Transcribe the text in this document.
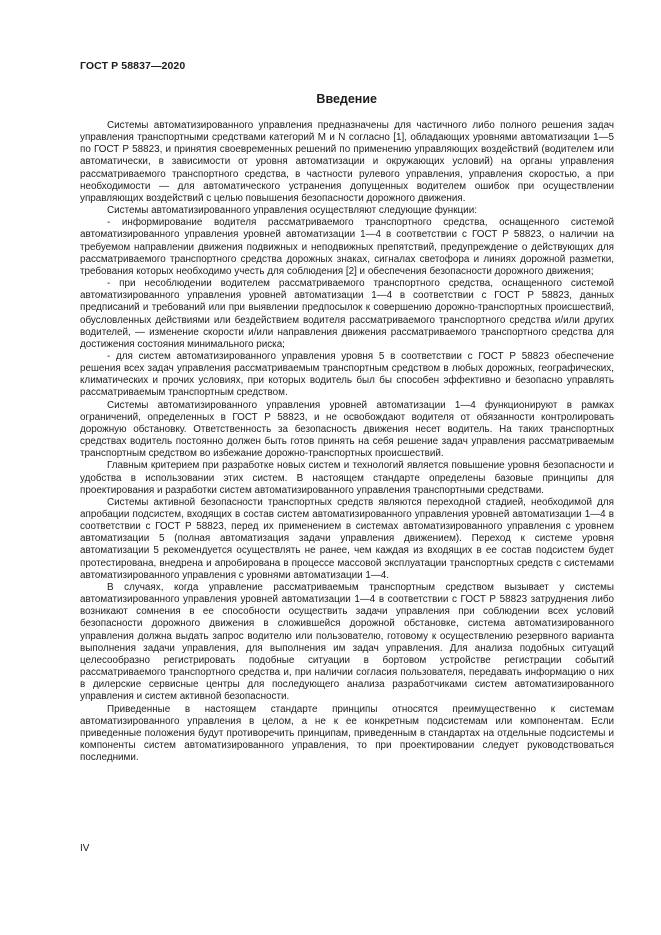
ГОСТ Р 58837—2020
Введение

Системы автоматизированного управления предназначены для частичного либо полного решения задач управления транспортными средствами категорий М и N согласно [1], обладающих уровнями автоматизации 1—5 по ГОСТ Р 58823, и принятия своевременных решений по применению управляющих воздействий (водителем или автоматически, в зависимости от уровня автоматизации и окружающих условий) на органы управления рассматриваемого транспортного средства, в частности рулевого управления, управления скоростью, а при необходимости — для автоматического устранения допущенных водителем ошибок при осуществлении управляющих воздействий с целью повышения безопасности дорожного движения.

Системы автоматизированного управления осуществляют следующие функции:

- информирование водителя рассматриваемого транспортного средства, оснащенного системой автоматизированного управления уровней автоматизации 1—4 в соответствии с ГОСТ Р 58823, о наличии на требуемом направлении движения подвижных и неподвижных препятствий, предупреждение о действующих для рассматриваемого транспортного средства дорожных знаках, сигналах светофора и линиях дорожной разметки, требования которых необходимо учесть для соблюдения [2] и обеспечения безопасности дорожного движения;

- при несоблюдении водителем рассматриваемого транспортного средства, оснащенного системой автоматизированного управления уровней автоматизации 1—4 в соответствии с ГОСТ Р 58823, данных предписаний и требований или при выявлении предпосылок к совершению дорожно-транспортных происшествий, обусловленных действиями или бездействием водителя рассматриваемого транспортного средства и/или других водителей, — изменение скорости и/или направления движения рассматриваемого транспортного средства для достижения состояния минимального риска;

- для систем автоматизированного управления уровня 5 в соответствии с ГОСТ Р 58823 обеспечение решения всех задач управления рассматриваемым транспортным средством в любых дорожных, географических, климатических и прочих условиях, при которых водитель был бы способен эффективно и безопасно управлять рассматриваемым транспортным средством.

Системы автоматизированного управления уровней автоматизации 1—4 функционируют в рамках ограничений, определенных в ГОСТ Р 58823, и не освобождают водителя от обязанности контролировать дорожную обстановку. Ответственность за безопасность движения несет водитель. На таких транспортных средствах водитель постоянно должен быть готов принять на себя решение задач управления рассматриваемым транспортным средством во избежание дорожно-транспортных происшествий.

Главным критерием при разработке новых систем и технологий является повышение уровня безопасности и удобства в использовании этих систем. В настоящем стандарте определены базовые принципы для проектирования и разработки систем автоматизированного управления транспортными средствами.

Системы активной безопасности транспортных средств являются переходной стадией, необходимой для апробации подсистем, входящих в состав систем автоматизированного управления уровней автоматизации 1—4 в соответствии с ГОСТ Р 58823, перед их применением в системах автоматизированного управления с уровнем автоматизации 5 (полная автоматизация задачи управления движением). Переход к системе уровня автоматизации 5 рекомендуется осуществлять не ранее, чем каждая из входящих в ее состав подсистем будет протестирована, внедрена и апробирована в процессе массовой эксплуатации транспортных средств с системами автоматизированного управления с уровнями автоматизации 1—4.

В случаях, когда управление рассматриваемым транспортным средством вызывает у системы автоматизированного управления уровней автоматизации 1—4 в соответствии с ГОСТ Р 58823 затруднения либо возникают сомнения в ее способности осуществить задачи управления при соблюдении всех условий безопасности дорожного движения в сложившейся дорожной обстановке, система автоматизированного управления должна выдать запрос водителю или пользователю, готовому к осуществлению резервного варианта выполнения задачи управления, для выполнения им задач управления. Для анализа подобных ситуаций целесообразно регистрировать подобные ситуации в бортовом устройстве регистрации событий рассматриваемого транспортного средства и, при наличии согласия пользователя, передавать информацию о них в дилерские сервисные центры для последующего анализа разработчиками систем автоматизированного управления и систем активной безопасности.

Приведенные в настоящем стандарте принципы относятся преимущественно к системам автоматизированного управления в целом, а не к ее конкретным подсистемам или компонентам. Если приведенные положения будут противоречить принципам, приведенным в стандартах на отдельные подсистемы и компоненты систем автоматизированного управления, то при проектировании следует руководствоваться последними.

IV
